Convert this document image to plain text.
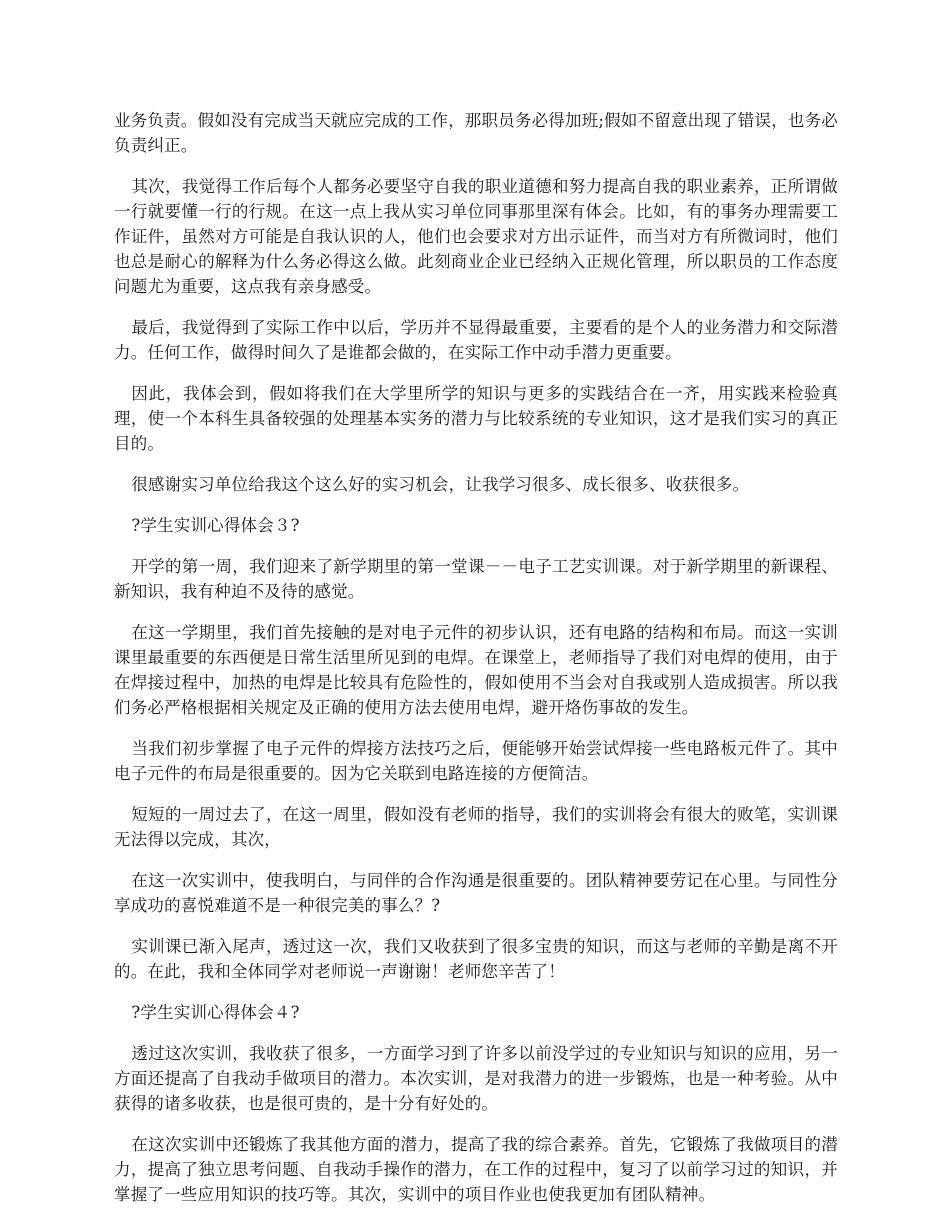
业务负责。假如没有完成当天就应完成的工作，那职员务必得加班;假如不留意出现了错误，也务必负责纠正。

其次，我觉得工作后每个人都务必要坚守自我的职业道德和努力提高自我的职业素养，正所谓做一行就要懂一行的行规。在这一点上我从实习单位同事那里深有体会。比如，有的事务办理需要工作证件，虽然对方可能是自我认识的人，他们也会要求对方出示证件，而当对方有所微词时，他们也总是耐心的解释为什么务必得这么做。此刻商业企业已经纳入正规化管理，所以职员的工作态度问题尤为重要，这点我有亲身感受。

最后，我觉得到了实际工作中以后，学历并不显得最重要，主要看的是个人的业务潜力和交际潜力。任何工作，做得时间久了是谁都会做的，在实际工作中动手潜力更重要。

因此，我体会到，假如将我们在大学里所学的知识与更多的实践结合在一齐，用实践来检验真理，使一个本科生具备较强的处理基本实务的潜力与比较系统的专业知识，这才是我们实习的真正目的。

很感谢实习单位给我这个这么好的实习机会，让我学习很多、成长很多、收获很多。

?学生实训心得体会３?

开学的第一周，我们迎来了新学期里的第一堂课－－电子工艺实训课。对于新学期里的新课程、新知识，我有种迫不及待的感觉。

在这一学期里，我们首先接触的是对电子元件的初步认识，还有电路的结构和布局。而这一实训课里最重要的东西便是日常生活里所见到的电焊。在课堂上，老师指导了我们对电焊的使用，由于在焊接过程中，加热的电焊是比较具有危险性的，假如使用不当会对自我或别人造成损害。所以我们务必严格根据相关规定及正确的使用方法去使用电焊，避开烙伤事故的发生。

当我们初步掌握了电子元件的焊接方法技巧之后，便能够开始尝试焊接一些电路板元件了。其中电子元件的布局是很重要的。因为它关联到电路连接的方便简洁。

短短的一周过去了，在这一周里，假如没有老师的指导，我们的实训将会有很大的败笔，实训课无法得以完成，其次，

在这一次实训中，使我明白，与同伴的合作沟通是很重要的。团队精神要劳记在心里。与同性分享成功的喜悦难道不是一种很完美的事么？?

实训课已渐入尾声，透过这一次，我们又收获到了很多宝贵的知识，而这与老师的辛勤是离不开的。在此，我和全体同学对老师说一声谢谢！老师您辛苦了！

?学生实训心得体会４?

透过这次实训，我收获了很多，一方面学习到了许多以前没学过的专业知识与知识的应用，另一方面还提高了自我动手做项目的潜力。本次实训，是对我潜力的进一步锻炼，也是一种考验。从中获得的诸多收获，也是很可贵的，是十分有好处的。

在这次实训中还锻炼了我其他方面的潜力，提高了我的综合素养。首先，它锻炼了我做项目的潜力，提高了独立思考问题、自我动手操作的潜力，在工作的过程中，复习了以前学习过的知识，并掌握了一些应用知识的技巧等。其次，实训中的项目作业也使我更加有团队精神。
